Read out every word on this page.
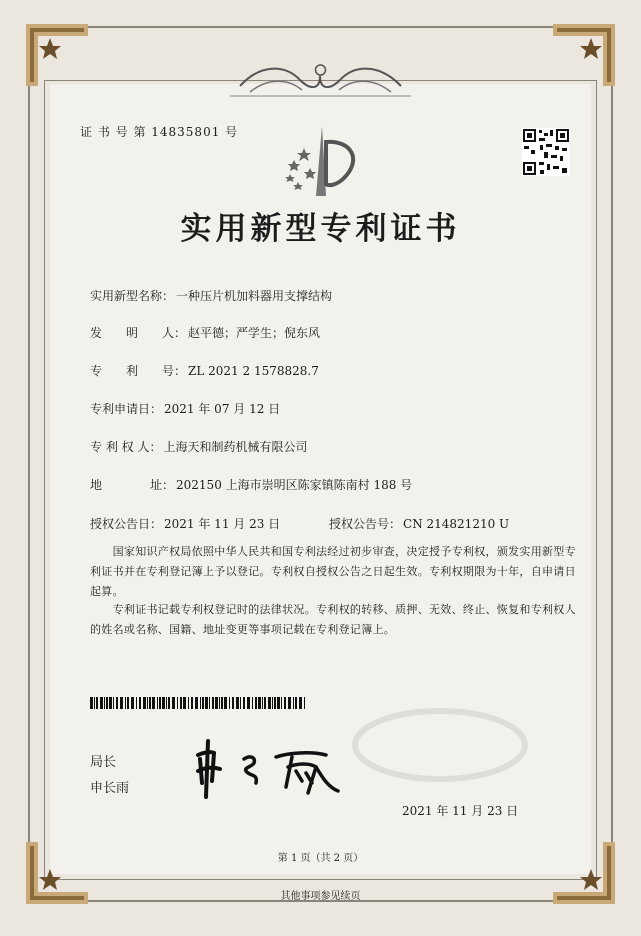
证 书 号 第 14835801 号
实用新型专利证书
实用新型名称： 一种压片机加料器用支撑结构
发　　明　　人： 赵平德；严学生；倪东风
专　　利　　号： ZL 2021 2 1578828.7
专利申请日： 2021 年 07 月 12 日
专 利 权 人： 上海天和制药机械有限公司
地　　　　址： 202150 上海市崇明区陈家镇陈南村 188 号
授权公告日： 2021 年 11 月 23 日	授权公告号： CN 214821210 U
　　国家知识产权局依照中华人民共和国专利法经过初步审查，决定授予专利权，颁发实用新型专利证书并在专利登记簿上予以登记。专利权自授权公告之日起生效。专利权期限为十年，自申请日起算。
　　专利证书记载专利权登记时的法律状况。专利权的转移、质押、无效、终止、恢复和专利权人的姓名或名称、国籍、地址变更等事项记载在专利登记簿上。
局长
申长雨
2021 年 11 月 23 日
第 1 页（共 2 页）
其他事项参见续页
